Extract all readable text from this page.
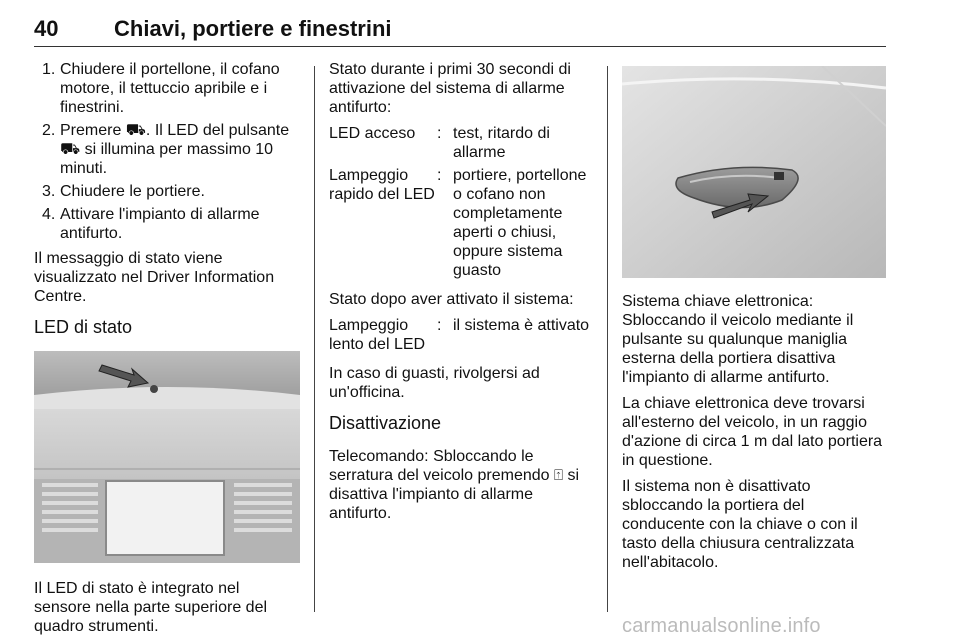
40	Chiavi, portiere e finestrini
1. Chiudere il portellone, il cofano motore, il tettuccio apribile e i finestrini.
2. Premere ⛟. Il LED del pulsante ⛟ si illumina per massimo 10 minuti.
3. Chiudere le portiere.
4. Attivare l'impianto di allarme antifurto.

Il messaggio di stato viene visualizzato nel Driver Information Centre.

LED di stato

Il LED di stato è integrato nel sensore nella parte superiore del quadro strumenti.

Stato durante i primi 30 secondi di attivazione del sistema di allarme antifurto:

LED acceso	: test, ritardo di allarme
Lampeggio rapido del LED
: portiere, portellone o cofano non completamente aperti o chiusi, oppure sistema guasto

Stato dopo aver attivato il sistema:

Lampeggio lento del LED
: il sistema è attivato

In caso di guasti, rivolgersi ad un'officina.

Disattivazione

Telecomando: Sbloccando le serratura del veicolo premendo ⍐ si disattiva l'impianto di allarme antifurto.

Sistema chiave elettronica: Sbloccando il veicolo mediante il pulsante su qualunque maniglia esterna della portiera disattiva l'impianto di allarme antifurto.

La chiave elettronica deve trovarsi all'esterno del veicolo, in un raggio d'azione di circa 1 m dal lato portiera in questione.

Il sistema non è disattivato sbloccando la portiera del conducente con la chiave o con il tasto della chiusura centralizzata nell'abitacolo.

carmanualsonline.info
